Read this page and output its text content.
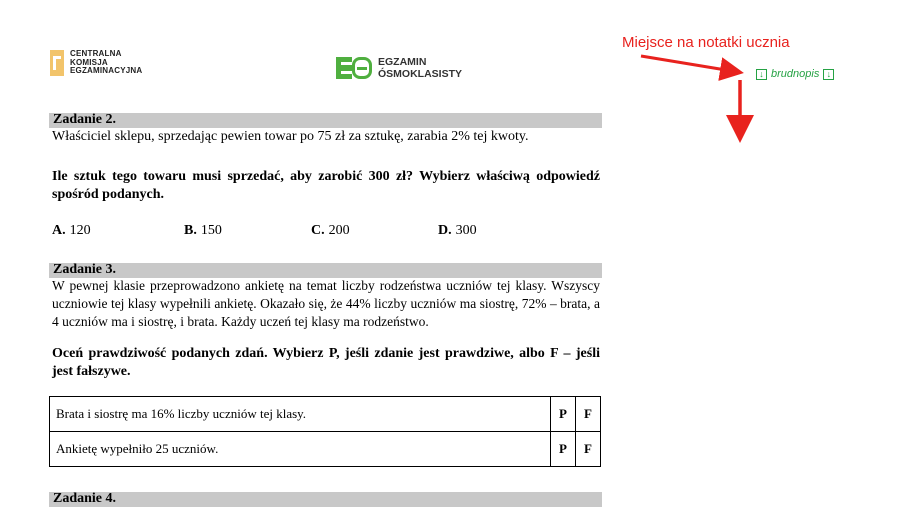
CENTRALNA
KOMISJA
EGZAMINACYJNA
EGZAMIN
ÓSMOKLASISTY
Miejsce na notatki ucznia
↓ brudnopis ↓
Zadanie 2.
Właściciel sklepu, sprzedając pewien towar po 75 zł za sztukę, zarabia 2% tej kwoty.
Ile sztuk tego towaru musi sprzedać, aby zarobić 300 zł? Wybierz właściwą odpowiedź spośród podanych.
A. 120	B. 150	C. 200	D. 300
Zadanie 3.
W pewnej klasie przeprowadzono ankietę na temat liczby rodzeństwa uczniów tej klasy. Wszyscy uczniowie tej klasy wypełnili ankietę. Okazało się, że 44% liczby uczniów ma siostrę, 72% – brata, a 4 uczniów ma i siostrę, i brata. Każdy uczeń tej klasy ma rodzeństwo.
Oceń prawdziwość podanych zdań. Wybierz P, jeśli zdanie jest prawdziwe, albo F – jeśli jest fałszywe.
Brata i siostrę ma 16% liczby uczniów tej klasy.	P	F
Ankietę wypełniło 25 uczniów.	P	F
Zadanie 4.
